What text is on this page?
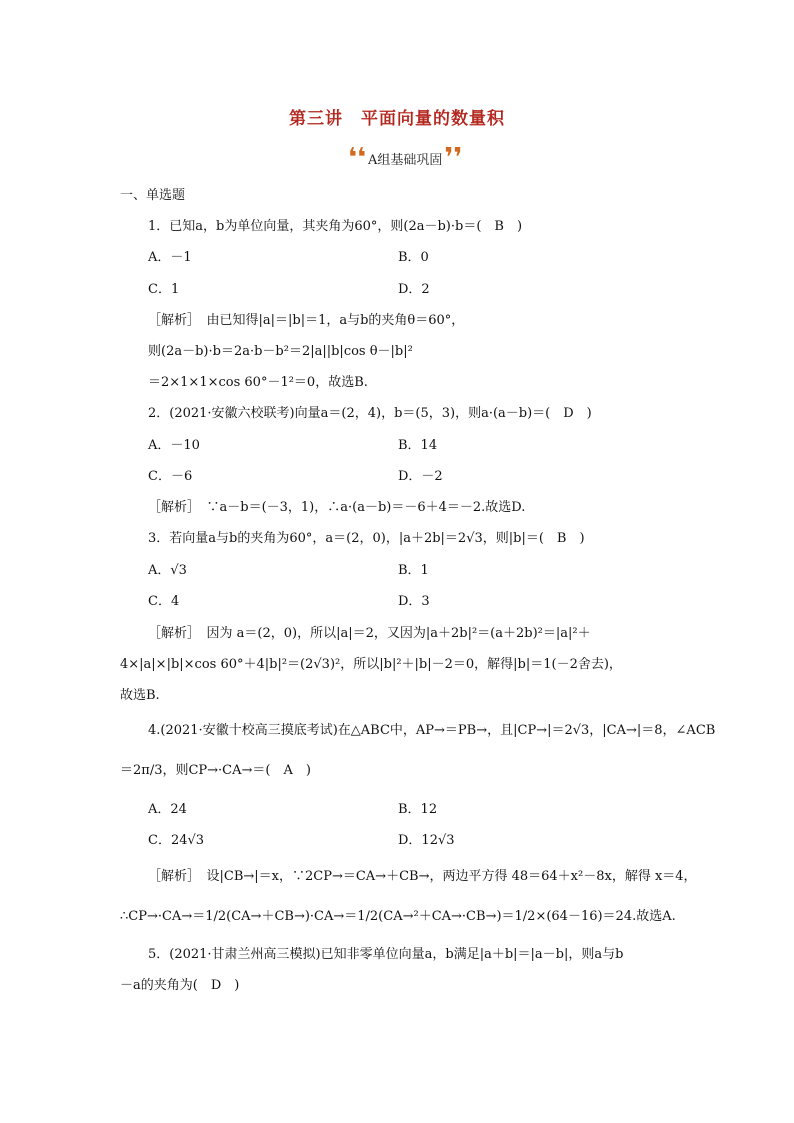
第三讲　平面向量的数量积
❛❛ A组基础巩固 ❜❜
一、单选题
1．已知a，b为单位向量，其夹角为60°，则(2a－b)·b＝(　B　)
A．－1	B．0
C．1	D．2
［解析］　由已知得|a|＝|b|＝1，a与b的夹角θ＝60°，
则(2a－b)·b＝2a·b－b²＝2|a||b|cos θ－|b|²
＝2×1×1×cos 60°－1²＝0，故选B.
2．(2021·安徽六校联考)向量a＝(2，4)，b＝(5，3)，则a·(a－b)＝(　D　)
A．－10	B．14
C．－6	D．－2
［解析］　∵a－b＝(－3，1)，∴a·(a－b)＝－6＋4＝－2.故选D.
3．若向量a与b的夹角为60°，a＝(2，0)，|a＋2b|＝2√3，则|b|＝(　B　)
A．√3	B．1
C．4	D．3
［解析］　因为 a＝(2，0)，所以|a|＝2，又因为|a＋2b|²＝(a＋2b)²＝|a|²＋
4×|a|×|b|×cos 60°＋4|b|²＝(2√3)²，所以|b|²＋|b|－2＝0，解得|b|＝1(－2舍去)，
故选B.
4.(2021·安徽十校高三摸底考试)在△ABC中，AP→＝PB→，且|CP→|＝2√3，|CA→|＝8，∠ACB
＝2π/3，则CP→·CA→＝(　A　)
A．24	B．12
C．24√3	D．12√3
［解析］　设|CB→|＝x，∵2CP→＝CA→＋CB→，两边平方得 48＝64＋x²－8x，解得 x＝4，
∴CP→·CA→＝1/2(CA→＋CB→)·CA→＝1/2(CA→²＋CA→·CB→)＝1/2×(64－16)＝24.故选A.
5．(2021·甘肃兰州高三模拟)已知非零单位向量a，b满足|a＋b|＝|a－b|，则a与b
－a的夹角为(　D　)
